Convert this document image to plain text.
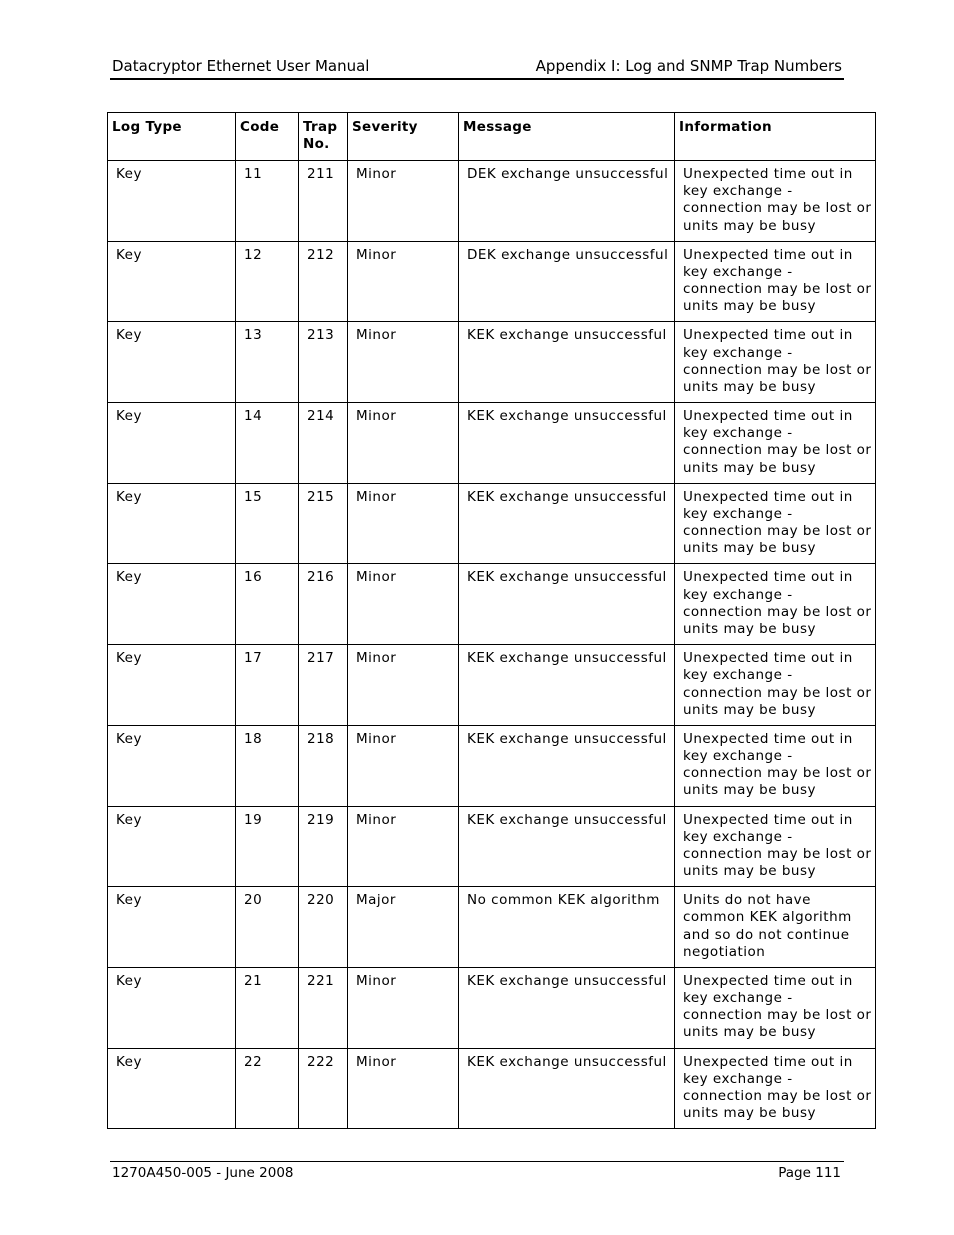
Datacryptor Ethernet User Manual	Appendix I: Log and SNMP Trap Numbers
Log Type	Code	Trap No.	Severity	Message	Information
Key	11	211	Minor	DEK exchange unsuccessful	Unexpected time out in key exchange - connection may be lost or units may be busy
Key	12	212	Minor	DEK exchange unsuccessful	Unexpected time out in key exchange - connection may be lost or units may be busy
Key	13	213	Minor	KEK exchange unsuccessful	Unexpected time out in key exchange - connection may be lost or units may be busy
Key	14	214	Minor	KEK exchange unsuccessful	Unexpected time out in key exchange - connection may be lost or units may be busy
Key	15	215	Minor	KEK exchange unsuccessful	Unexpected time out in key exchange - connection may be lost or units may be busy
Key	16	216	Minor	KEK exchange unsuccessful	Unexpected time out in key exchange - connection may be lost or units may be busy
Key	17	217	Minor	KEK exchange unsuccessful	Unexpected time out in key exchange - connection may be lost or units may be busy
Key	18	218	Minor	KEK exchange unsuccessful	Unexpected time out in key exchange - connection may be lost or units may be busy
Key	19	219	Minor	KEK exchange unsuccessful	Unexpected time out in key exchange - connection may be lost or units may be busy
Key	20	220	Major	No common KEK algorithm	Units do not have common KEK algorithm and so do not continue negotiation
Key	21	221	Minor	KEK exchange unsuccessful	Unexpected time out in key exchange - connection may be lost or units may be busy
Key	22	222	Minor	KEK exchange unsuccessful	Unexpected time out in key exchange - connection may be lost or units may be busy
1270A450-005 - June 2008	Page 111
